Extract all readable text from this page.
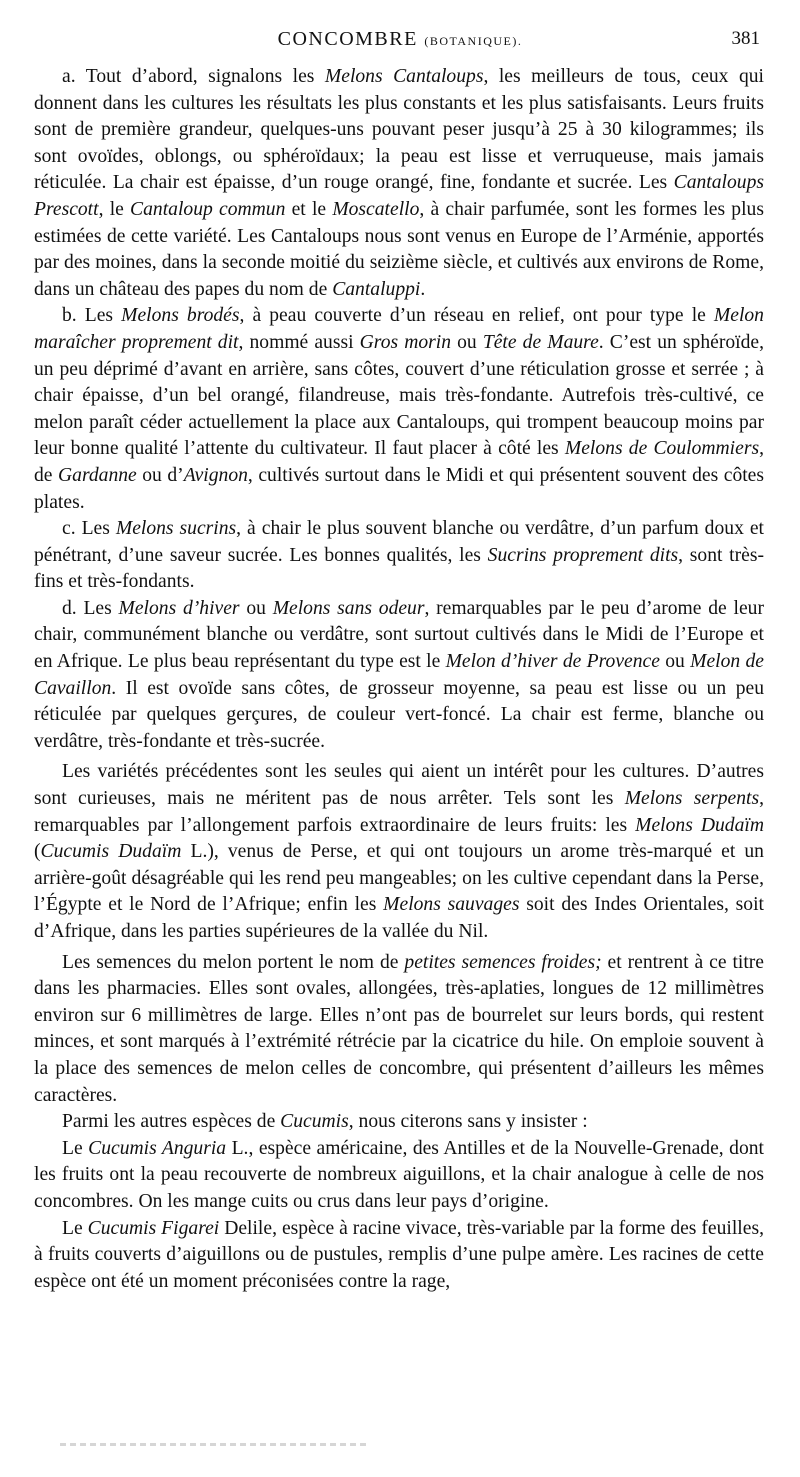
CONCOMBRE (BOTANIQUE).	381

a. Tout d’abord, signalons les Melons Cantaloups, les meilleurs de tous, ceux qui donnent dans les cultures les résultats les plus constants et les plus satisfaisants. Leurs fruits sont de première grandeur, quelques-uns pouvant peser jusqu’à 25 à 30 kilogrammes; ils sont ovoïdes, oblongs, ou sphéroïdaux; la peau est lisse et verruqueuse, mais jamais réticulée. La chair est épaisse, d’un rouge orangé, fine, fondante et sucrée. Les Cantaloups Prescott, le Cantaloup commun et le Moscatello, à chair parfumée, sont les formes les plus estimées de cette variété. Les Cantaloups nous sont venus en Europe de l’Arménie, apportés par des moines, dans la seconde moitié du seizième siècle, et cultivés aux environs de Rome, dans un château des papes du nom de Cantaluppi.

b. Les Melons brodés, à peau couverte d’un réseau en relief, ont pour type le Melon maraîcher proprement dit, nommé aussi Gros morin ou Tête de Maure. C’est un sphéroïde, un peu déprimé d’avant en arrière, sans côtes, couvert d’une réticulation grosse et serrée ; à chair épaisse, d’un bel orangé, filandreuse, mais très-fondante. Autrefois très-cultivé, ce melon paraît céder actuellement la place aux Cantaloups, qui trompent beaucoup moins par leur bonne qualité l’attente du cultivateur. Il faut placer à côté les Melons de Coulommiers, de Gardanne ou d’Avignon, cultivés surtout dans le Midi et qui présentent souvent des côtes plates.

c. Les Melons sucrins, à chair le plus souvent blanche ou verdâtre, d’un parfum doux et pénétrant, d’une saveur sucrée. Les bonnes qualités, les Sucrins proprement dits, sont très-fins et très-fondants.

d. Les Melons d’hiver ou Melons sans odeur, remarquables par le peu d’arome de leur chair, communément blanche ou verdâtre, sont surtout cultivés dans le Midi de l’Europe et en Afrique. Le plus beau représentant du type est le Melon d’hiver de Provence ou Melon de Cavaillon. Il est ovoïde sans côtes, de grosseur moyenne, sa peau est lisse ou un peu réticulée par quelques gerçures, de couleur vert-foncé. La chair est ferme, blanche ou verdâtre, très-fondante et très-sucrée.

Les variétés précédentes sont les seules qui aient un intérêt pour les cultures. D’autres sont curieuses, mais ne méritent pas de nous arrêter. Tels sont les Melons serpents, remarquables par l’allongement parfois extraordinaire de leurs fruits: les Melons Dudaïm (Cucumis Dudaïm L.), venus de Perse, et qui ont toujours un arome très-marqué et un arrière-goût désagréable qui les rend peu mangeables; on les cultive cependant dans la Perse, l’Égypte et le Nord de l’Afrique; enfin les Melons sauvages soit des Indes Orientales, soit d’Afrique, dans les parties supérieures de la vallée du Nil.

Les semences du melon portent le nom de petites semences froides; et rentrent à ce titre dans les pharmacies. Elles sont ovales, allongées, très-aplaties, longues de 12 millimètres environ sur 6 millimètres de large. Elles n’ont pas de bourrelet sur leurs bords, qui restent minces, et sont marqués à l’extrémité rétrécie par la cicatrice du hile. On emploie souvent à la place des semences de melon celles de concombre, qui présentent d’ailleurs les mêmes caractères.

Parmi les autres espèces de Cucumis, nous citerons sans y insister :

Le Cucumis Anguria L., espèce américaine, des Antilles et de la Nouvelle-Grenade, dont les fruits ont la peau recouverte de nombreux aiguillons, et la chair analogue à celle de nos concombres. On les mange cuits ou crus dans leur pays d’origine.

Le Cucumis Figarei Delile, espèce à racine vivace, très-variable par la forme des feuilles, à fruits couverts d’aiguillons ou de pustules, remplis d’une pulpe amère. Les racines de cette espèce ont été un moment préconisées contre la rage,
